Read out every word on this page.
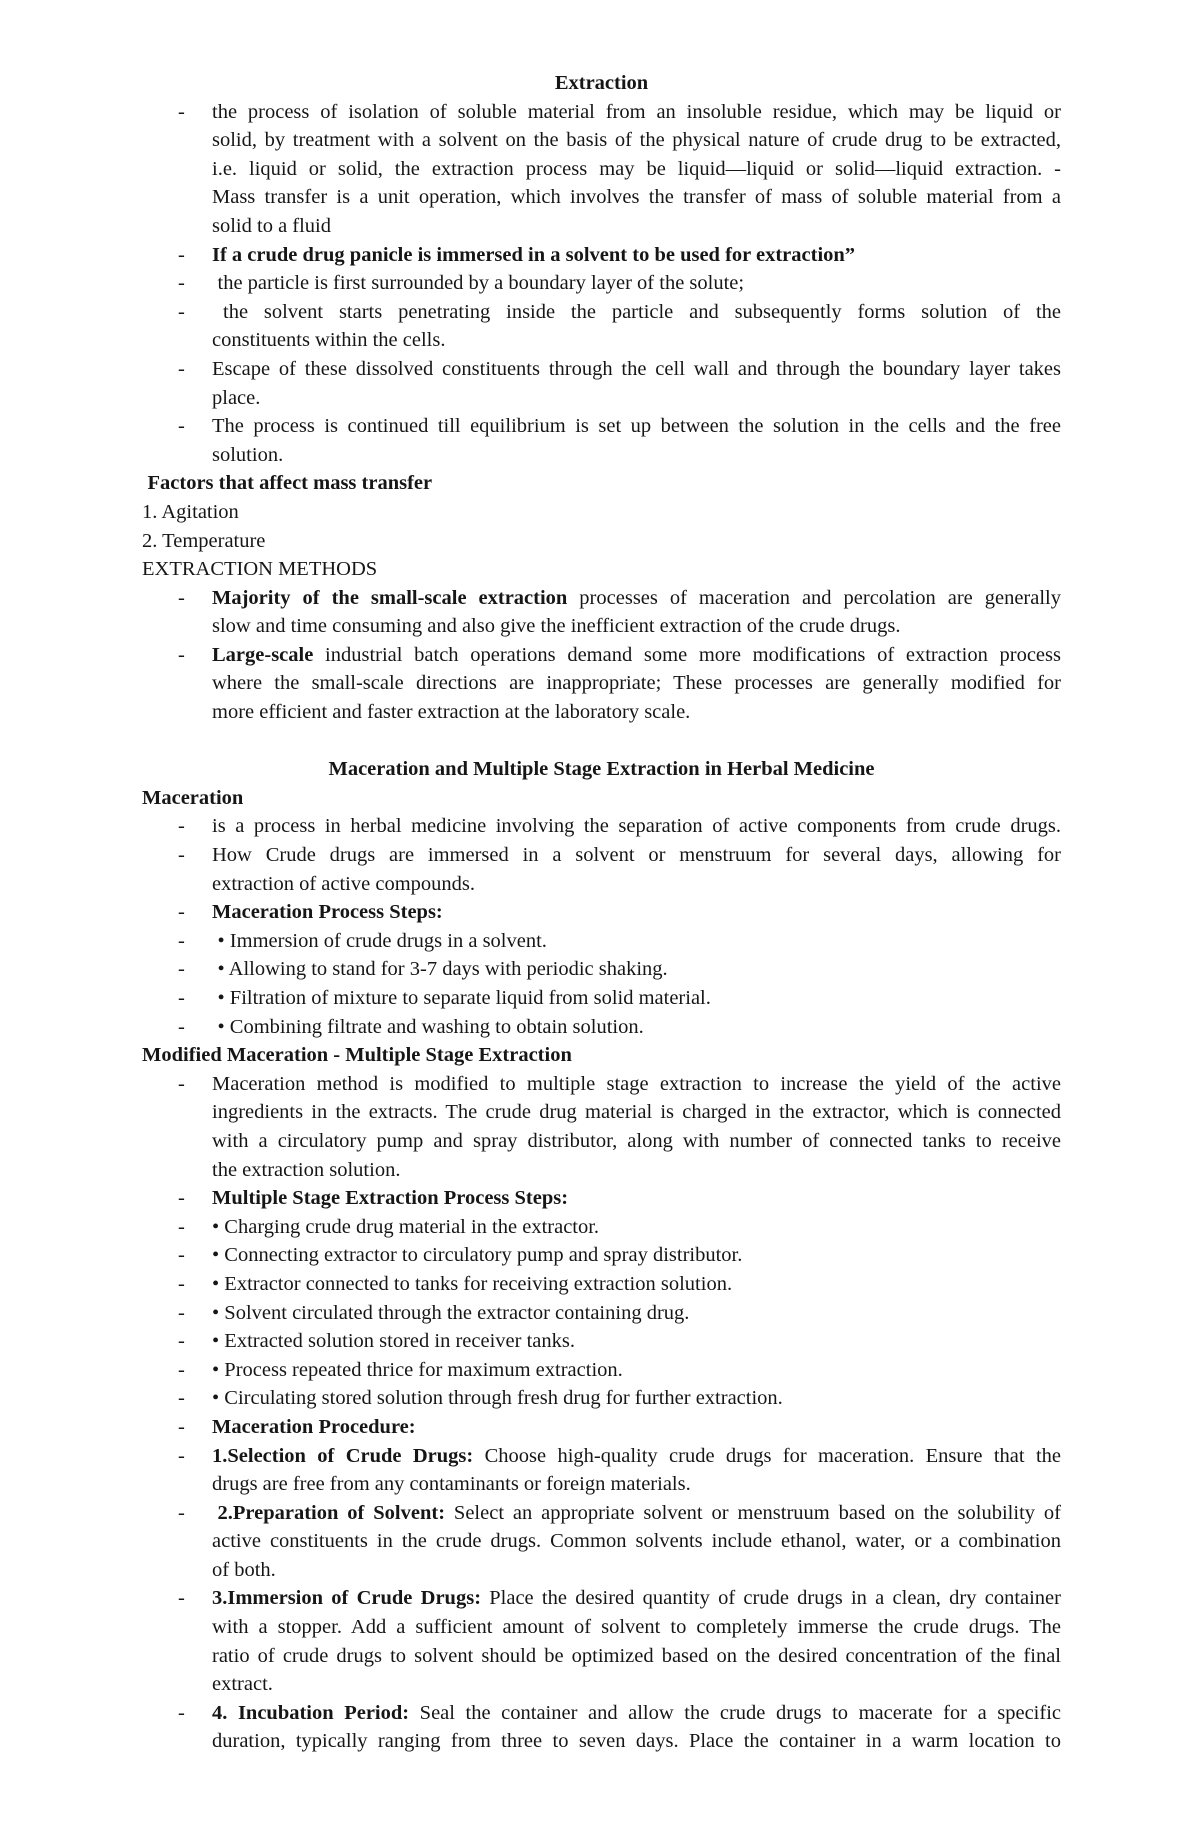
Extraction
- the process of isolation of soluble material from an insoluble residue, which may be liquid or
solid, by treatment with a solvent on the basis of the physical nature of crude drug to be extracted,
i.e. liquid or solid, the extraction process may be liquid—liquid or solid—liquid extraction. -
Mass transfer is a unit operation, which involves the transfer of mass of soluble material from a
solid to a fluid
- If a crude drug panicle is immersed in a solvent to be used for extraction”
- the particle is first surrounded by a boundary layer of the solute;
-	the solvent starts penetrating inside the particle and subsequently forms solution of the
constituents within the cells.
- Escape of these dissolved constituents through the cell wall and through the boundary layer takes
place.
- The process is continued till equilibrium is set up between the solution in the cells and the free
solution.
Factors that affect mass transfer
1. Agitation
2. Temperature
EXTRACTION METHODS
- Majority of the small-scale extraction processes of maceration and percolation are generally
slow and time consuming and also give the inefficient extraction of the crude drugs.
- Large-scale industrial batch operations demand some more modifications of extraction process
where the small-scale directions are inappropriate; These processes are generally modified for
more efficient and faster extraction at the laboratory scale.
Maceration and Multiple Stage Extraction in Herbal Medicine
Maceration
- is a process in herbal medicine involving the separation of active components from crude drugs.
- How Crude drugs are immersed in a solvent or menstruum for several days, allowing for
extraction of active compounds.
- Maceration Process Steps:
- • Immersion of crude drugs in a solvent.
- • Allowing to stand for 3-7 days with periodic shaking.
- • Filtration of mixture to separate liquid from solid material.
- • Combining filtrate and washing to obtain solution.
Modified Maceration - Multiple Stage Extraction
- Maceration method is modified to multiple stage extraction to increase the yield of the active
ingredients in the extracts. The crude drug material is charged in the extractor, which is connected
with a circulatory pump and spray distributor, along with number of connected tanks to receive
the extraction solution.
- Multiple Stage Extraction Process Steps:
- • Charging crude drug material in the extractor.
- • Connecting extractor to circulatory pump and spray distributor.
- • Extractor connected to tanks for receiving extraction solution.
- • Solvent circulated through the extractor containing drug.
- • Extracted solution stored in receiver tanks.
- • Process repeated thrice for maximum extraction.
- • Circulating stored solution through fresh drug for further extraction.
- Maceration Procedure:
- 1.Selection of Crude Drugs: Choose high-quality crude drugs for maceration. Ensure that the
drugs are free from any contaminants or foreign materials.
- 2.Preparation of Solvent: Select an appropriate solvent or menstruum based on the solubility of
active constituents in the crude drugs. Common solvents include ethanol, water, or a combination
of both.
- 3.Immersion of Crude Drugs: Place the desired quantity of crude drugs in a clean, dry container
with a stopper. Add a sufficient amount of solvent to completely immerse the crude drugs. The
ratio of crude drugs to solvent should be optimized based on the desired concentration of the final
extract.
- 4. Incubation Period: Seal the container and allow the crude drugs to macerate for a specific
duration, typically ranging from three to seven days. Place the container in a warm location to
